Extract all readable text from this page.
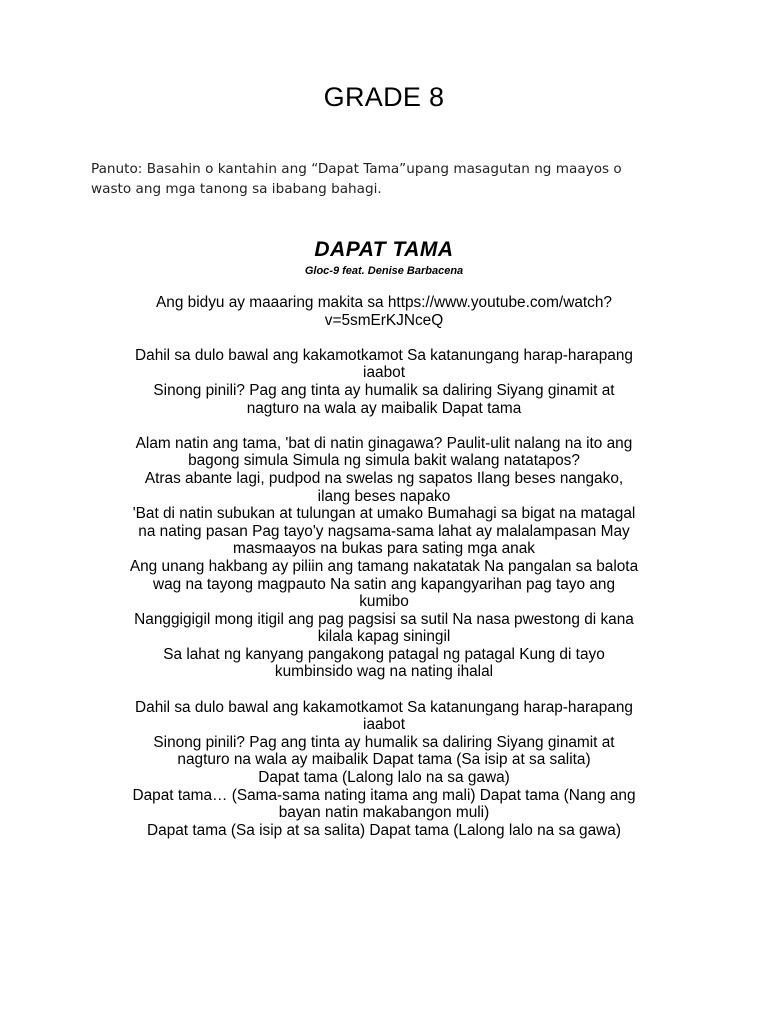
GRADE 8

Panuto: Basahin o kantahin ang “Dapat Tama”upang masagutan ng maayos o

wasto ang mga tanong sa ibabang bahagi.

DAPAT TAMA
Gloc-9 feat. Denise Barbacena
Ang bidyu ay maaaring makita sa https://www.youtube.com/watch?
v=5smErKJNceQ
Dahil sa dulo bawal ang kakamotkamot Sa katanungang harap-harapang
iaabot
Sinong pinili? Pag ang tinta ay humalik sa daliring Siyang ginamit at
nagturo na wala ay maibalik Dapat tama
Alam natin ang tama, 'bat di natin ginagawa? Paulit-ulit nalang na ito ang
bagong simula Simula ng simula bakit walang natatapos?
Atras abante lagi, pudpod na swelas ng sapatos Ilang beses nangako,
ilang beses napako
'Bat di natin subukan at tulungan at umako Bumahagi sa bigat na matagal
na nating pasan Pag tayo'y nagsama-sama lahat ay malalampasan May
masmaayos na bukas para sating mga anak
Ang unang hakbang ay piliin ang tamang nakatatak Na pangalan sa balota
wag na tayong magpauto Na satin ang kapangyarihan pag tayo ang
kumibo
Nanggigigil mong itigil ang pag pagsisi sa sutil Na nasa pwestong di kana
kilala kapag siningil
Sa lahat ng kanyang pangakong patagal ng patagal Kung di tayo
kumbinsido wag na nating ihalal
Dahil sa dulo bawal ang kakamotkamot Sa katanungang harap-harapang
iaabot
Sinong pinili? Pag ang tinta ay humalik sa daliring Siyang ginamit at
nagturo na wala ay maibalik Dapat tama (Sa isip at sa salita)
Dapat tama (Lalong lalo na sa gawa)
Dapat tama… (Sama-sama nating itama ang mali) Dapat tama (Nang ang
bayan natin makabangon muli)
Dapat tama (Sa isip at sa salita) Dapat tama (Lalong lalo na sa gawa)
